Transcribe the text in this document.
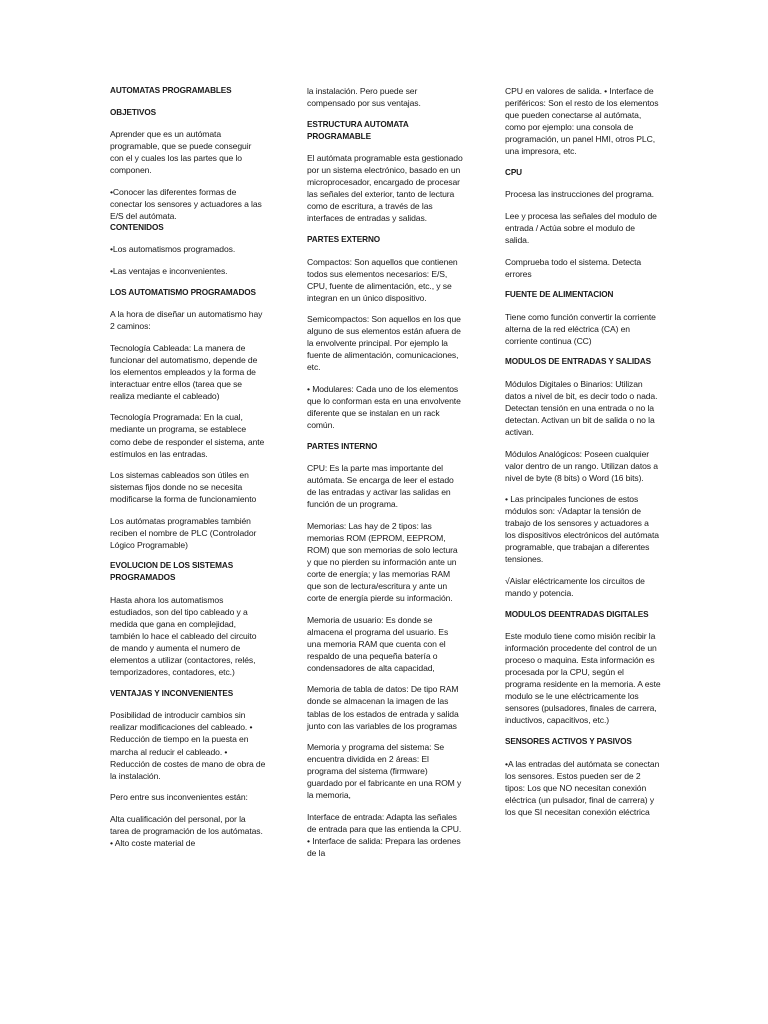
AUTOMATAS PROGRAMABLES
OBJETIVOS
Aprender que es un autómata programable, que se puede conseguir con el y cuales los las partes que lo componen.
•Conocer las diferentes formas de conectar los sensores y actuadores a las E/S del autómata.
CONTENIDOS
•Los automatismos programados.
•Las ventajas e inconvenientes.
LOS AUTOMATISMO PROGRAMADOS
A la hora de diseñar un automatismo hay 2 caminos:
Tecnología Cableada: La manera de funcionar del automatismo, depende de los elementos empleados y la forma de interactuar entre ellos (tarea que se realiza mediante el cableado)
Tecnología Programada: En la cual, mediante un programa, se establece como debe de responder el sistema, ante estímulos en las entradas.
Los sistemas cableados son útiles en sistemas fijos donde no se necesita modificarse la forma de funcionamiento
Los autómatas programables también reciben el nombre de PLC (Controlador Lógico Programable)
EVOLUCION DE LOS SISTEMAS PROGRAMADOS
Hasta ahora los automatismos estudiados, son del tipo cableado y a medida que gana en complejidad, también lo hace el cableado del circuito de mando y aumenta el numero de elementos a utilizar (contactores, relés, temporizadores, contadores, etc.)
VENTAJAS Y INCONVENIENTES
Posibilidad de introducir cambios sin realizar modificaciones del cableado. • Reducción de tiempo en la puesta en marcha al reducir el cableado. • Reducción de costes de mano de obra de la instalación.
Pero entre sus inconvenientes están:
Alta cualificación del personal, por la tarea de programación de los autómatas. • Alto coste material de
la instalación. Pero puede ser compensado por sus ventajas.
ESTRUCTURA AUTOMATA PROGRAMABLE
El autómata programable esta gestionado por un sistema electrónico, basado en un microprocesador, encargado de procesar las señales del exterior, tanto de lectura como de escritura, a través de las interfaces de entradas y salidas.
PARTES EXTERNO
Compactos: Son aquellos que contienen todos sus elementos necesarios: E/S, CPU, fuente de alimentación, etc., y se integran en un único dispositivo.
Semicompactos: Son aquellos en los que alguno de sus elementos están afuera de la envolvente principal. Por ejemplo la fuente de alimentación, comunicaciones, etc.
• Modulares: Cada uno de los elementos que lo conforman esta en una envolvente diferente que se instalan en un rack común.
PARTES INTERNO
CPU: Es la parte mas importante del autómata. Se encarga de leer el estado de las entradas y activar las salidas en función de un programa.
Memorias: Las hay de 2 tipos: las memorias ROM (EPROM, EEPROM, ROM) que son memorias de solo lectura y que no pierden su información ante un corte de energía; y las memorias RAM que son de lectura/escritura y ante un corte de energía pierde su información.
Memoria de usuario: Es donde se almacena el programa del usuario. Es una memoria RAM que cuenta con el respaldo de una pequeña batería o condensadores de alta capacidad,
Memoria de tabla de datos: De tipo RAM donde se almacenan la imagen de las tablas de los estados de entrada y salida junto con las variables de los programas
Memoria y programa del sistema: Se encuentra dividida en 2 áreas: El programa del sistema (firmware) guardado por el fabricante en una ROM y la memoria,
Interface de entrada: Adapta las señales de entrada para que las entienda la CPU. • Interface de salida: Prepara las ordenes de la
CPU en valores de salida. • Interface de periféricos: Son el resto de los elementos que pueden conectarse al autómata, como por ejemplo: una consola de programación, un panel HMI, otros PLC, una impresora, etc.
CPU
Procesa las instrucciones del programa.
Lee y procesa las señales del modulo de entrada / Actúa sobre el modulo de salida.
Comprueba todo el sistema. Detecta errores
FUENTE DE ALIMENTACION
Tiene como función convertir la corriente alterna de la red eléctrica (CA) en corriente continua (CC)
MODULOS DE ENTRADAS Y SALIDAS
Módulos Digitales o Binarios: Utilizan datos a nivel de bit, es decir todo o nada. Detectan tensión en una entrada o no la detectan. Activan un bit de salida o no la activan.
Módulos Analógicos: Poseen cualquier valor dentro de un rango. Utilizan datos a nivel de byte (8 bits) o Word (16 bits).
• Las principales funciones de estos módulos son: √Adaptar la tensión de trabajo de los sensores y actuadores a los dispositivos electrónicos del autómata programable, que trabajan a diferentes tensiones.
√Aislar eléctricamente los circuitos de mando y potencia.
MODULOS DEENTRADAS DIGITALES
Este modulo tiene como misión recibir la información procedente del control de un proceso o maquina. Esta información es procesada por la CPU, según el programa residente en la memoria. A este modulo se le une eléctricamente los sensores (pulsadores, finales de carrera, inductivos, capacitivos, etc.)
SENSORES ACTIVOS Y PASIVOS
•A las entradas del autómata se conectan los sensores. Estos pueden ser de 2 tipos: Los que NO necesitan conexión eléctrica (un pulsador, final de carrera) y los que SI necesitan conexión eléctrica
